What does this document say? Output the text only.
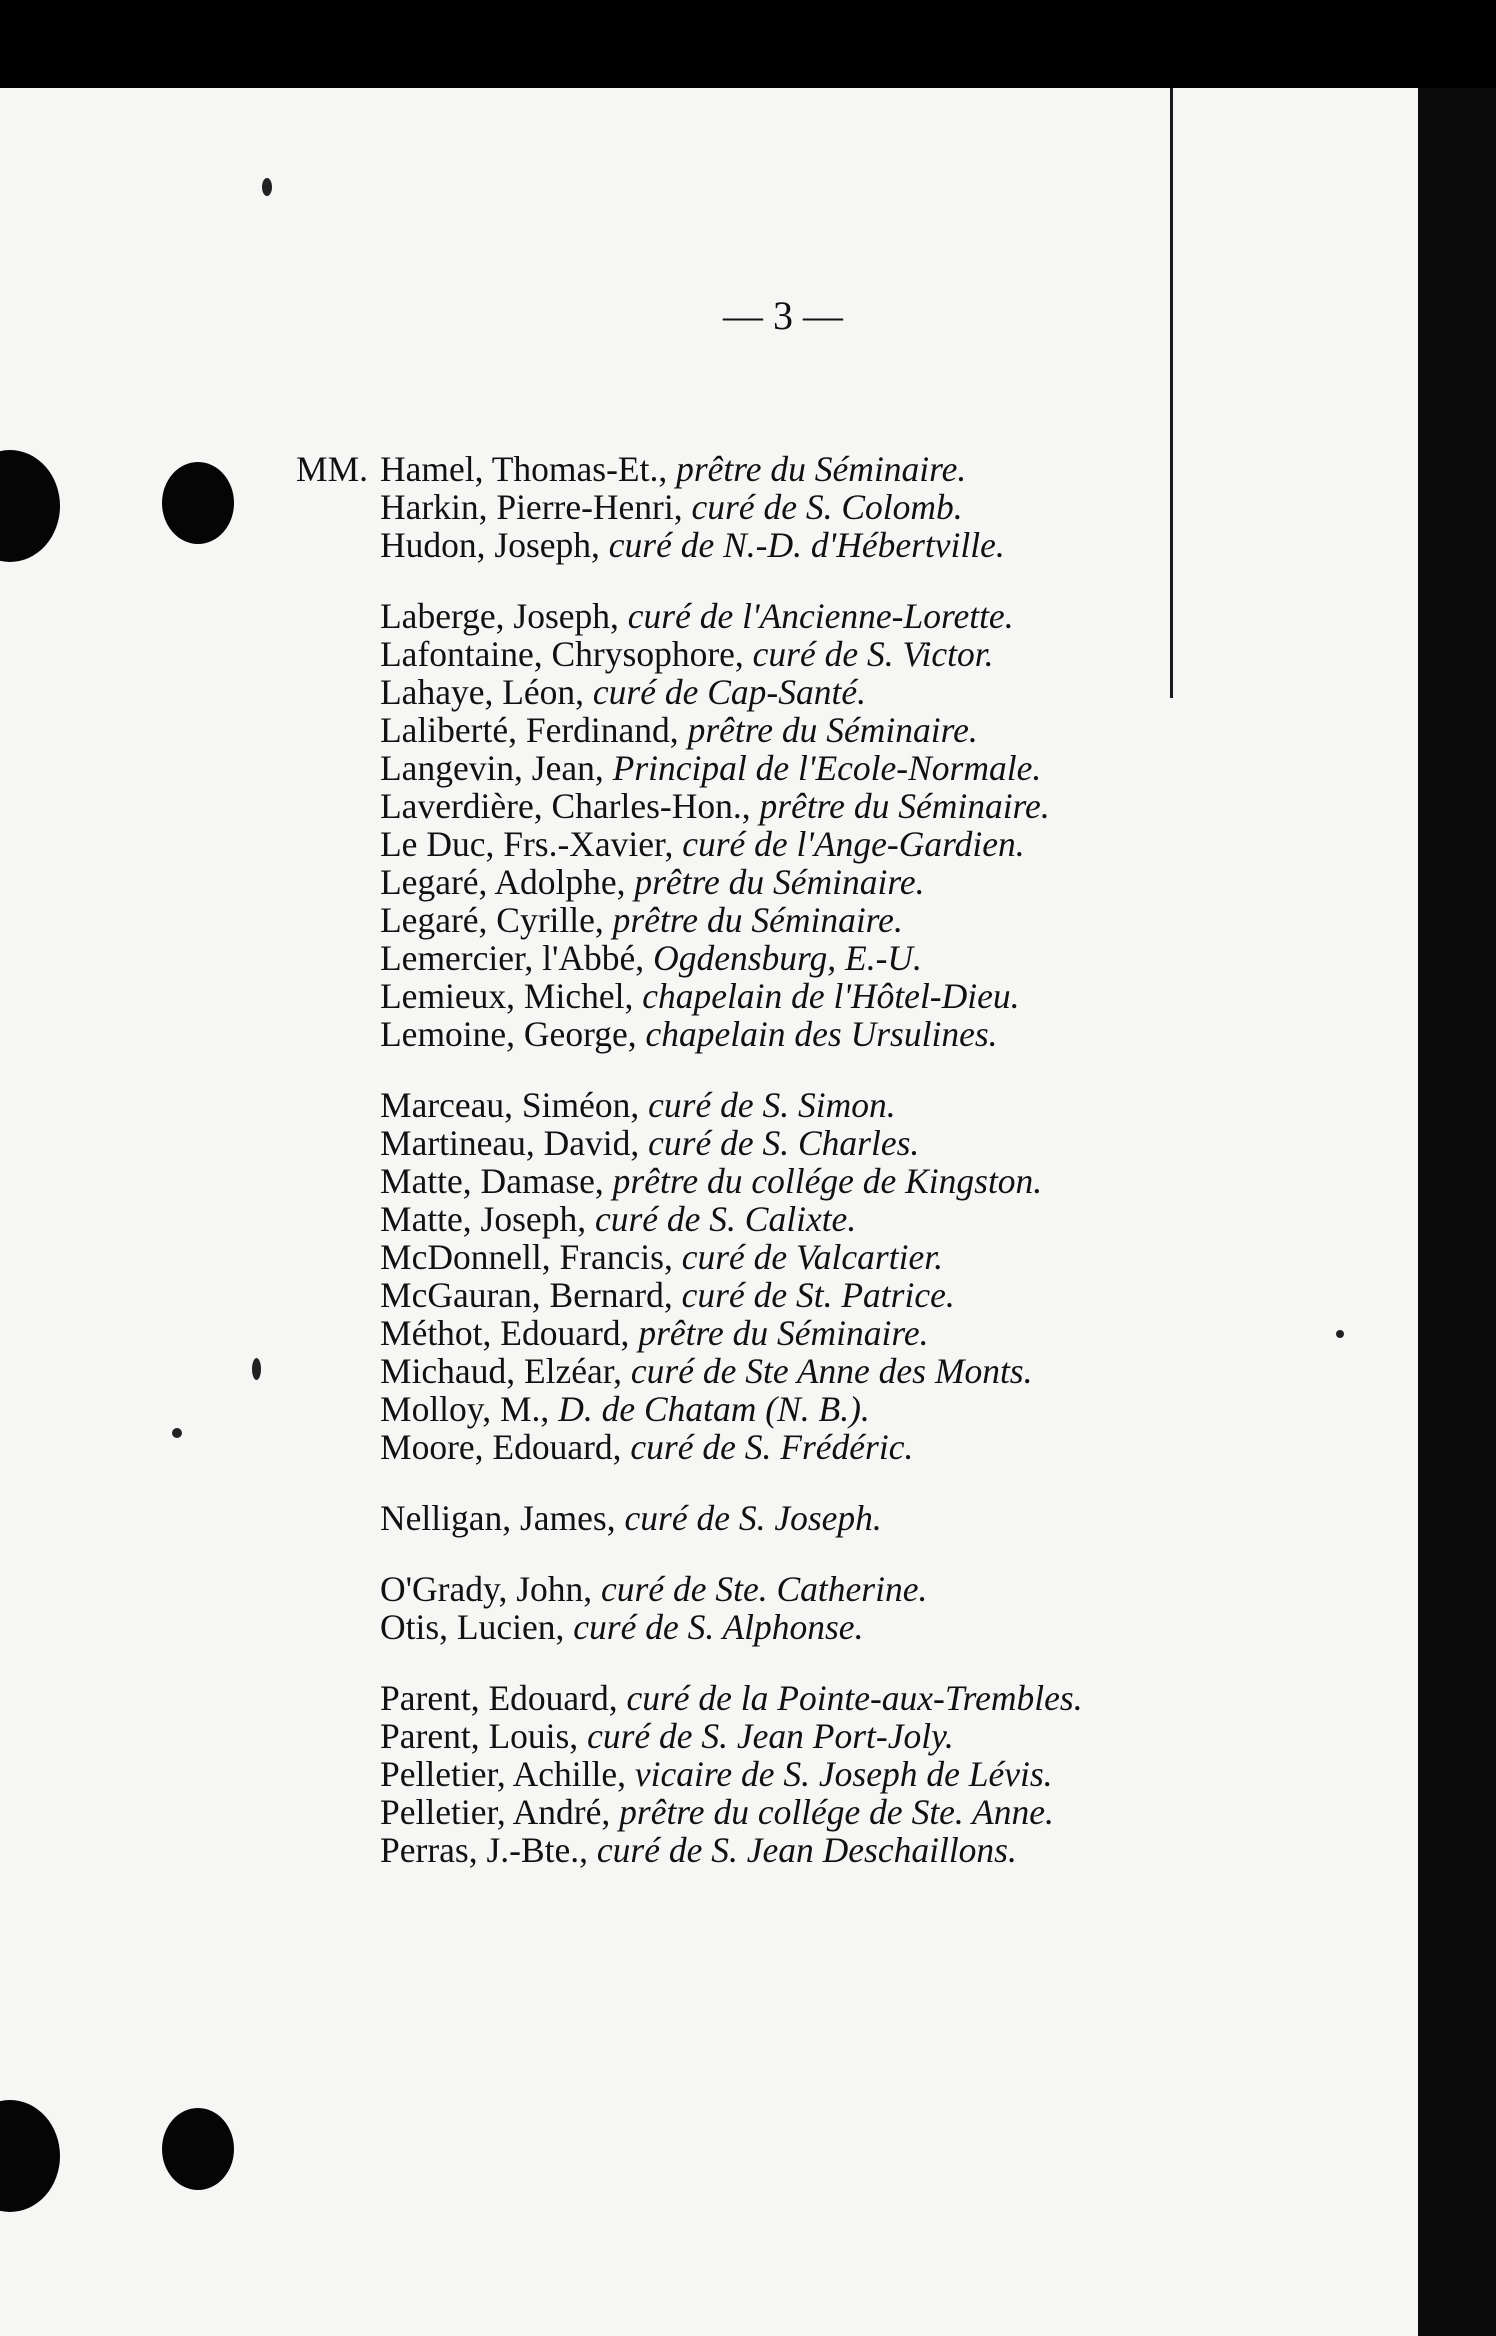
— 3 —
MM. Hamel, Thomas-Et., prêtre du Séminaire.
Harkin, Pierre-Henri, curé de S. Colomb.
Hudon, Joseph, curé de N.-D. d'Hébertville.
Laberge, Joseph, curé de l'Ancienne-Lorette.
Lafontaine, Chrysophore, curé de S. Victor.
Lahaye, Léon, curé de Cap-Santé.
Laliberté, Ferdinand, prêtre du Séminaire.
Langevin, Jean, Principal de l'Ecole-Normale.
Laverdière, Charles-Hon., prêtre du Séminaire.
Le Duc, Frs.-Xavier, curé de l'Ange-Gardien.
Legaré, Adolphe, prêtre du Séminaire.
Legaré, Cyrille, prêtre du Séminaire.
Lemercier, l'Abbé, Ogdensburg, E.-U.
Lemieux, Michel, chapelain de l'Hôtel-Dieu.
Lemoine, George, chapelain des Ursulines.
Marceau, Siméon, curé de S. Simon.
Martineau, David, curé de S. Charles.
Matte, Damase, prêtre du collége de Kingston.
Matte, Joseph, curé de S. Calixte.
McDonnell, Francis, curé de Valcartier.
McGauran, Bernard, curé de St. Patrice.
Méthot, Edouard, prêtre du Séminaire.
Michaud, Elzéar, curé de Ste Anne des Monts.
Molloy, M., D. de Chatam (N. B.).
Moore, Edouard, curé de S. Frédéric.
Nelligan, James, curé de S. Joseph.
O'Grady, John, curé de Ste. Catherine.
Otis, Lucien, curé de S. Alphonse.
Parent, Edouard, curé de la Pointe-aux-Trembles.
Parent, Louis, curé de S. Jean Port-Joly.
Pelletier, Achille, vicaire de S. Joseph de Lévis.
Pelletier, André, prêtre du collége de Ste. Anne.
Perras, J.-Bte., curé de S. Jean Deschaillons.
